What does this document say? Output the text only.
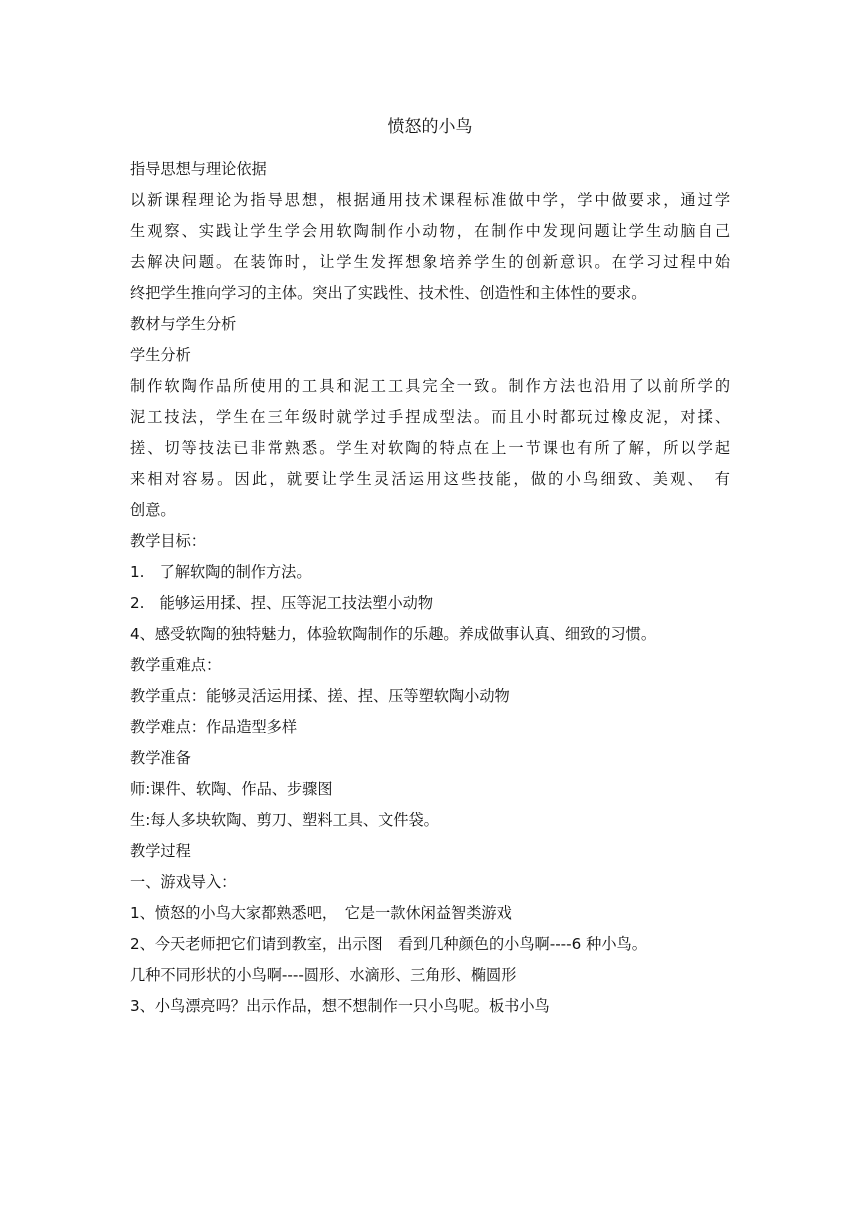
愤怒的小鸟
指导思想与理论依据
以新课程理论为指导思想，根据通用技术课程标准做中学，学中做要求，通过学
生观察、实践让学生学会用软陶制作小动物，在制作中发现问题让学生动脑自己
去解决问题。在装饰时，让学生发挥想象培养学生的创新意识。在学习过程中始
终把学生推向学习的主体。突出了实践性、技术性、创造性和主体性的要求。
教材与学生分析
学生分析
制作软陶作品所使用的工具和泥工工具完全一致。制作方法也沿用了以前所学的
泥工技法，学生在三年级时就学过手捏成型法。而且小时都玩过橡皮泥，对揉、
搓、切等技法已非常熟悉。学生对软陶的特点在上一节课也有所了解，所以学起
来相对容易。因此，就要让学生灵活运用这些技能，做的小鸟细致、美观、　有
创意。
教学目标：
1.　了解软陶的制作方法。
2.　能够运用揉、捏、压等泥工技法塑小动物
4、感受软陶的独特魅力，体验软陶制作的乐趣。养成做事认真、细致的习惯。
教学重难点：
教学重点：能够灵活运用揉、搓、捏、压等塑软陶小动物
教学难点：作品造型多样
教学准备
师:课件、软陶、作品、步骤图
生:每人多块软陶、剪刀、塑料工具、文件袋。
教学过程
一、游戏导入：
1、愤怒的小鸟大家都熟悉吧，　它是一款休闲益智类游戏
2、今天老师把它们请到教室，出示图　看到几种颜色的小鸟啊----6 种小鸟。
几种不同形状的小鸟啊----圆形、水滴形、三角形、椭圆形
3、小鸟漂亮吗？出示作品，想不想制作一只小鸟呢。板书小鸟
